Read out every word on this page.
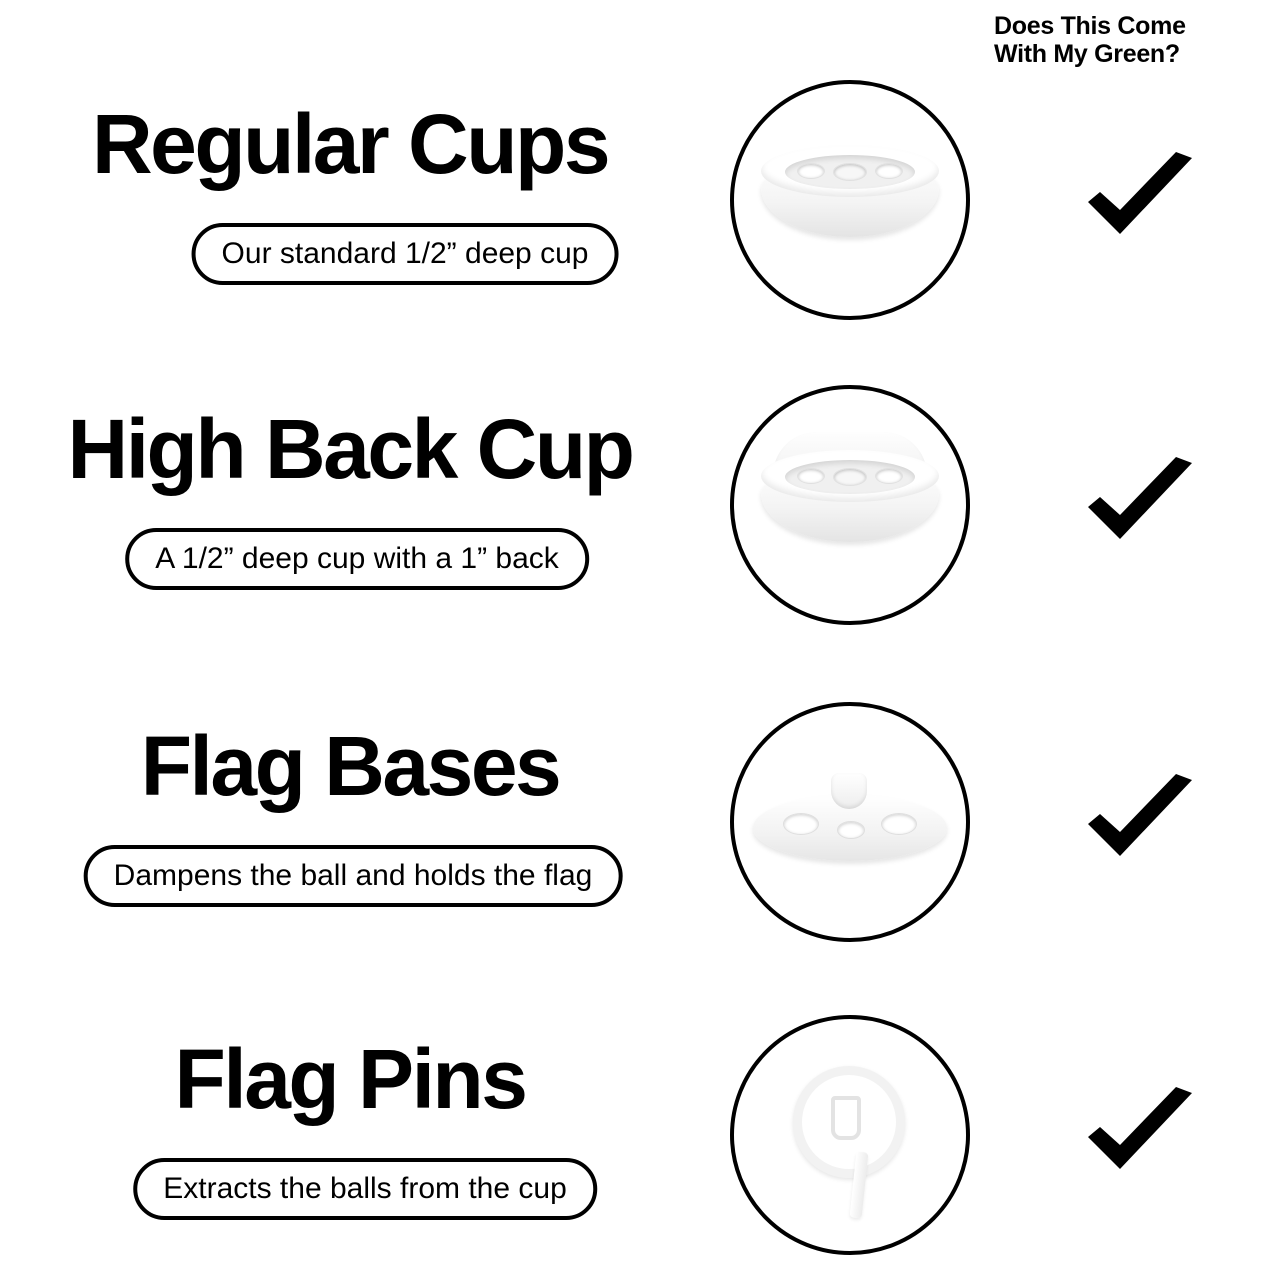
Does This Come
With My Green?
Regular Cups
Our standard 1/2” deep cup
High Back Cup
A 1/2” deep cup with a 1” back
Flag Bases
Dampens the ball and holds the flag
Flag Pins
Extracts the balls from the cup
